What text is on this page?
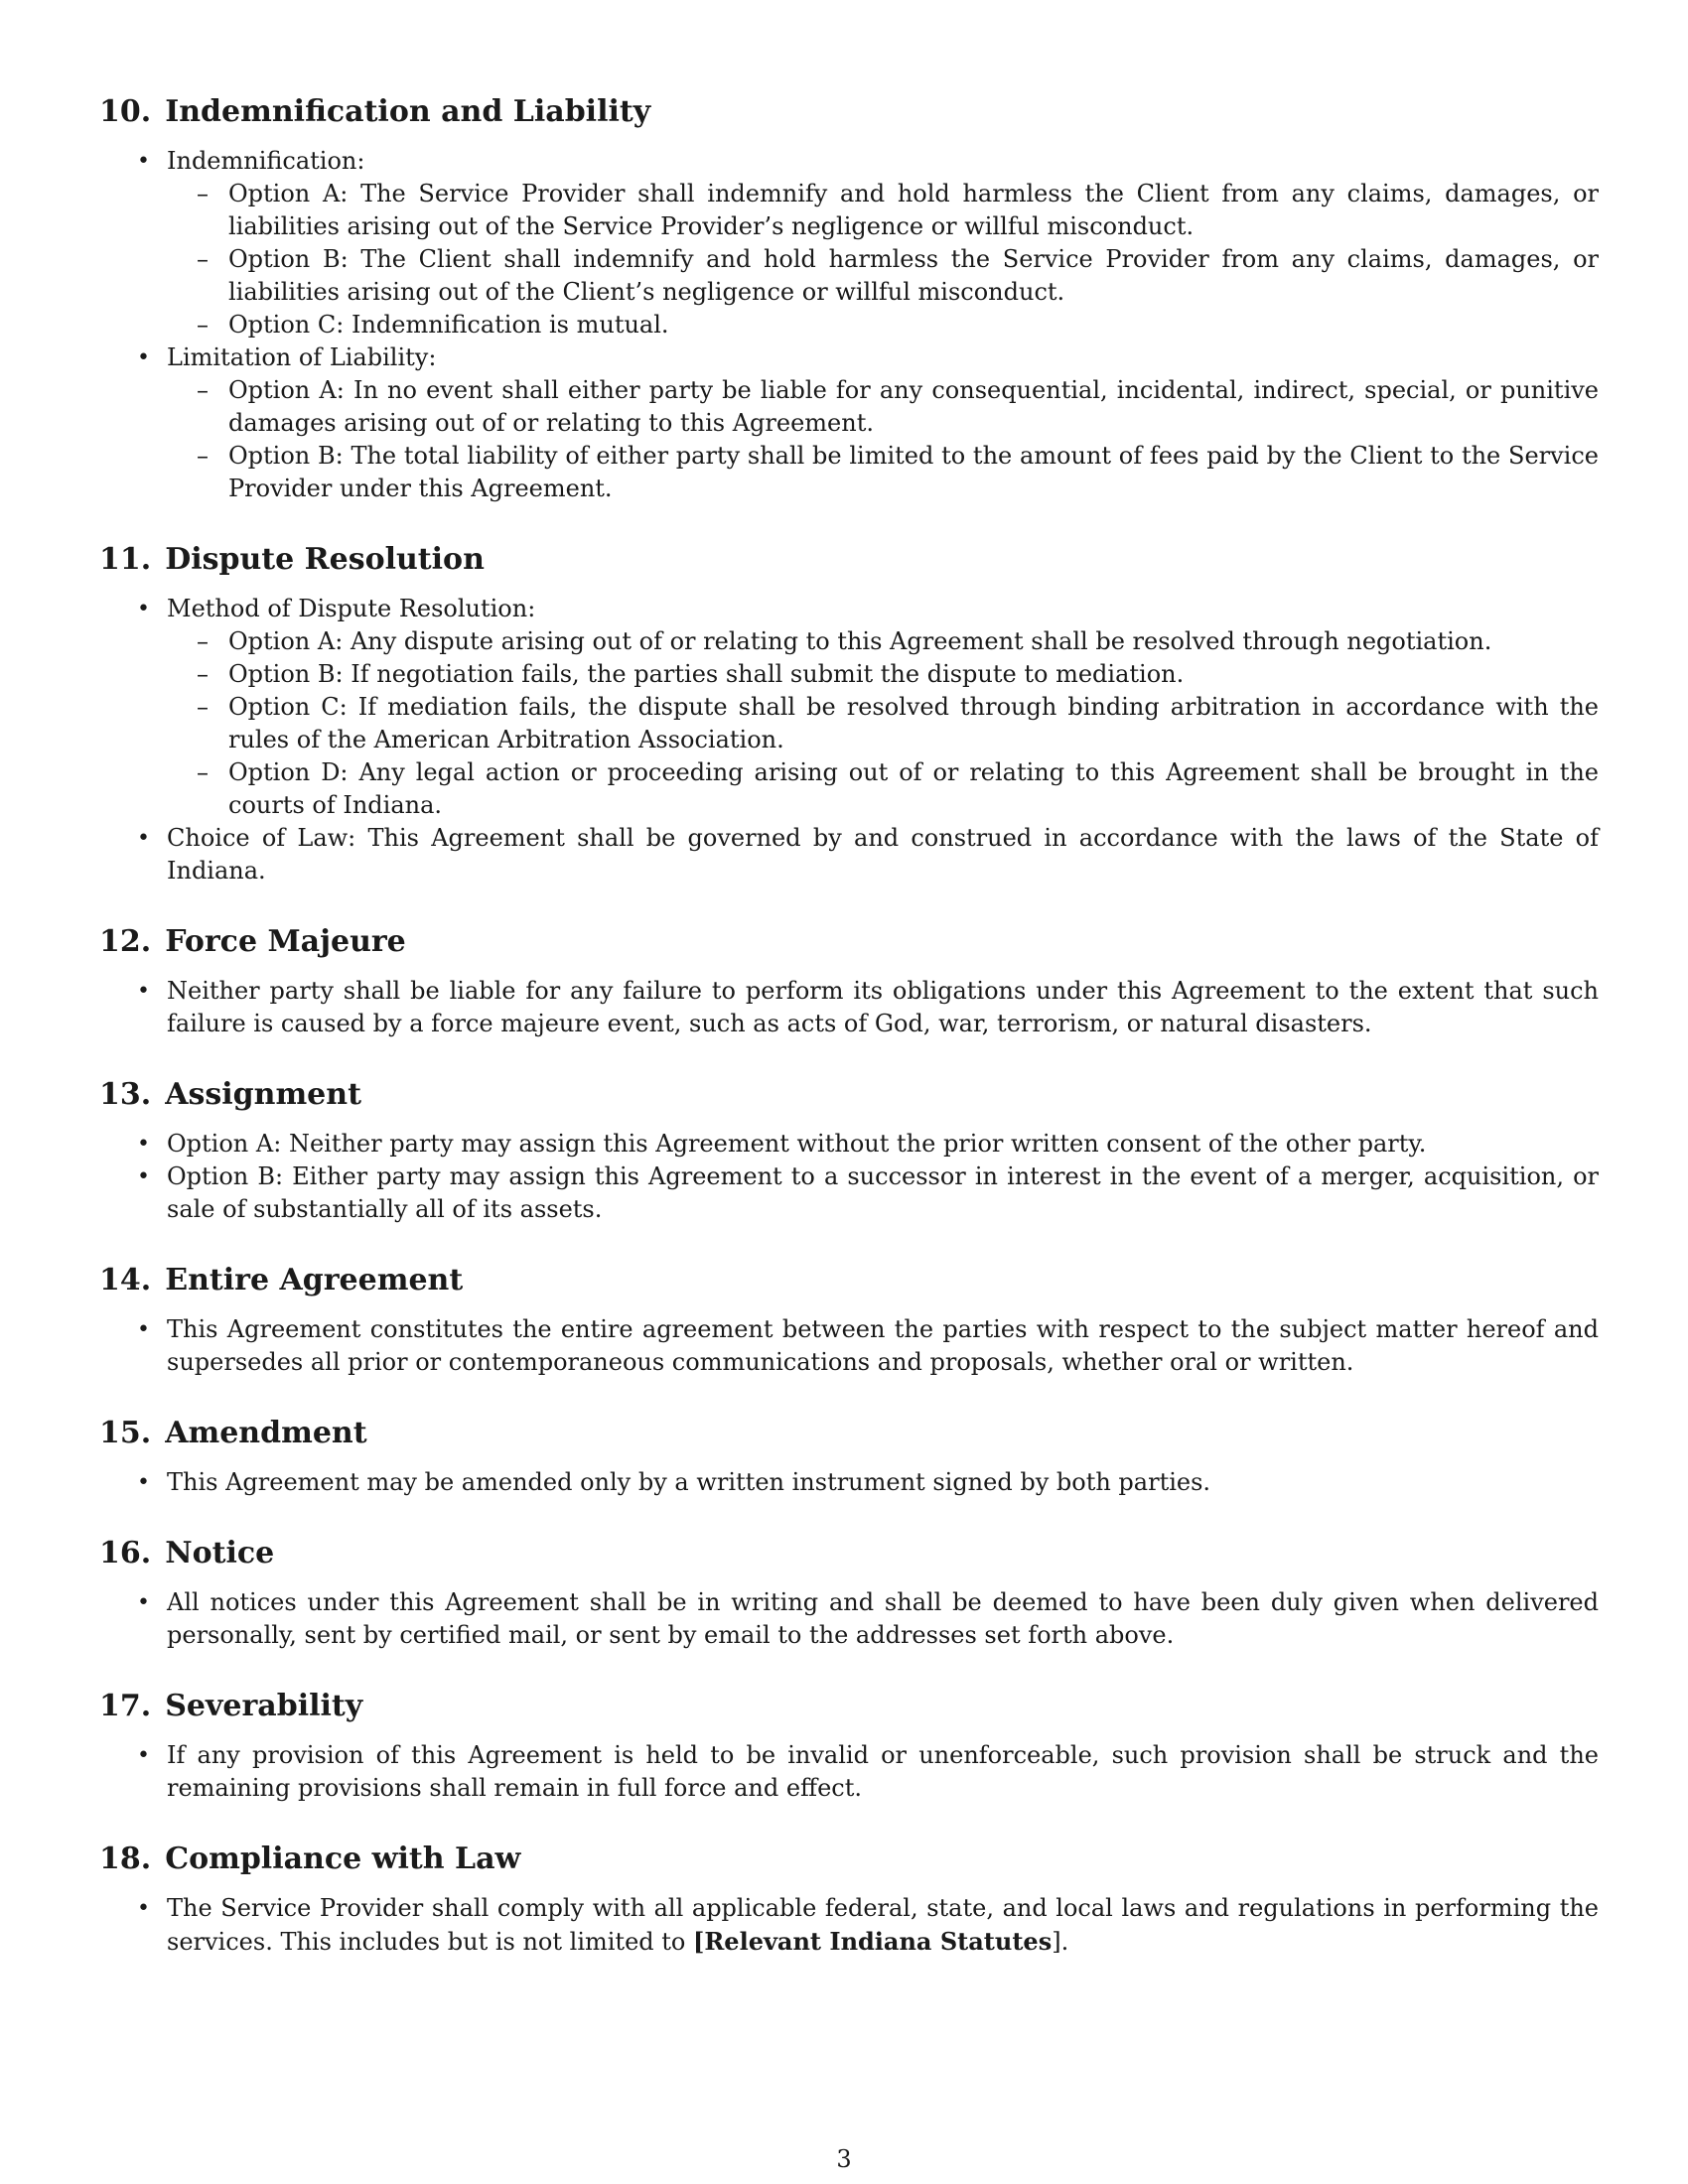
10. Indemnification and Liability
• Indemnification:
– Option A: The Service Provider shall indemnify and hold harmless the Client from any claims, damages, or liabilities arising out of the Service Provider’s negligence or willful misconduct.
– Option B: The Client shall indemnify and hold harmless the Service Provider from any claims, damages, or liabilities arising out of the Client’s negligence or willful misconduct.
– Option C: Indemnification is mutual.
• Limitation of Liability:
– Option A: In no event shall either party be liable for any consequential, incidental, indirect, special, or punitive damages arising out of or relating to this Agreement.
– Option B: The total liability of either party shall be limited to the amount of fees paid by the Client to the Service Provider under this Agreement.
11. Dispute Resolution
• Method of Dispute Resolution:
– Option A: Any dispute arising out of or relating to this Agreement shall be resolved through negotiation.
– Option B: If negotiation fails, the parties shall submit the dispute to mediation.
– Option C: If mediation fails, the dispute shall be resolved through binding arbitration in accordance with the rules of the American Arbitration Association.
– Option D: Any legal action or proceeding arising out of or relating to this Agreement shall be brought in the courts of Indiana.
• Choice of Law: This Agreement shall be governed by and construed in accordance with the laws of the State of Indiana.
12. Force Majeure
• Neither party shall be liable for any failure to perform its obligations under this Agreement to the extent that such failure is caused by a force majeure event, such as acts of God, war, terrorism, or natural disasters.
13. Assignment
• Option A: Neither party may assign this Agreement without the prior written consent of the other party.
• Option B: Either party may assign this Agreement to a successor in interest in the event of a merger, acquisition, or sale of substantially all of its assets.
14. Entire Agreement
• This Agreement constitutes the entire agreement between the parties with respect to the subject matter hereof and supersedes all prior or contemporaneous communications and proposals, whether oral or written.
15. Amendment
• This Agreement may be amended only by a written instrument signed by both parties.
16. Notice
• All notices under this Agreement shall be in writing and shall be deemed to have been duly given when delivered personally, sent by certified mail, or sent by email to the addresses set forth above.
17. Severability
• If any provision of this Agreement is held to be invalid or unenforceable, such provision shall be struck and the remaining provisions shall remain in full force and effect.
18. Compliance with Law
• The Service Provider shall comply with all applicable federal, state, and local laws and regulations in performing the services. This includes but is not limited to [Relevant Indiana Statutes].
3
